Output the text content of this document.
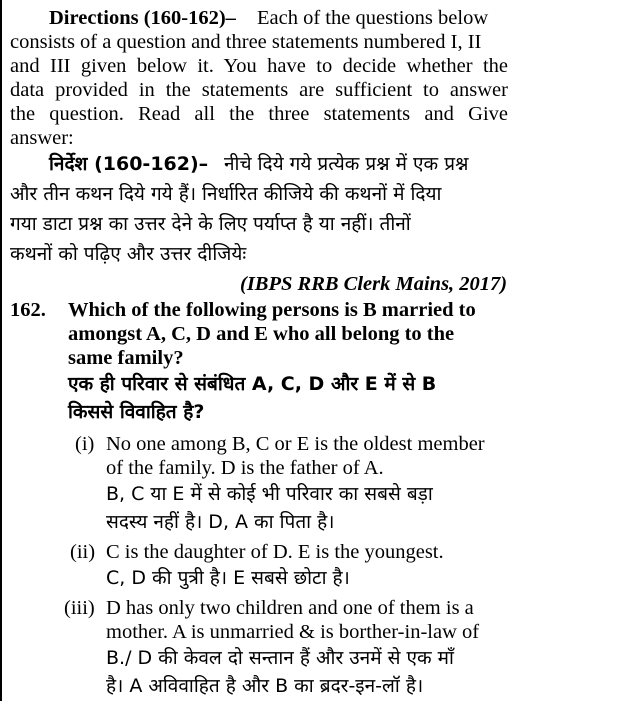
Directions (160-162)– Each of the questions below
consists of a question and three statements numbered I, II
and III given below it. You have to decide whether the
data provided in the statements are sufficient to answer
the question. Read all the three statements and Give
answer:
निर्देश (160-162)– नीचे दिये गये प्रत्येक प्रश्न में एक प्रश्न
और तीन कथन दिये गये हैं। निर्धारित कीजिये की कथनों में दिया
गया डाटा प्रश्न का उत्तर देने के लिए पर्याप्त है या नहीं। तीनों
कथनों को पढ़िए और उत्तर दीजियेः
(IBPS RRB Clerk Mains, 2017)
162. Which of the following persons is B married to
amongst A, C, D and E who all belong to the
same family?
एक ही परिवार से संबंधित A, C, D और E में से B
किससे विवाहित है?
(i) No one among B, C or E is the oldest member
of the family. D is the father of A.
B, C या E में से कोई भी परिवार का सबसे बड़ा
सदस्य नहीं है। D, A का पिता है।
(ii) C is the daughter of D. E is the youngest.
C, D की पुत्री है। E सबसे छोटा है।
(iii) D has only two children and one of them is a
mother. A is unmarried & is borther-in-law of
B./ D की केवल दो सन्तान हैं और उनमें से एक माँ
है। A अविवाहित है और B का ब्रदर-इन-लॉ है।
